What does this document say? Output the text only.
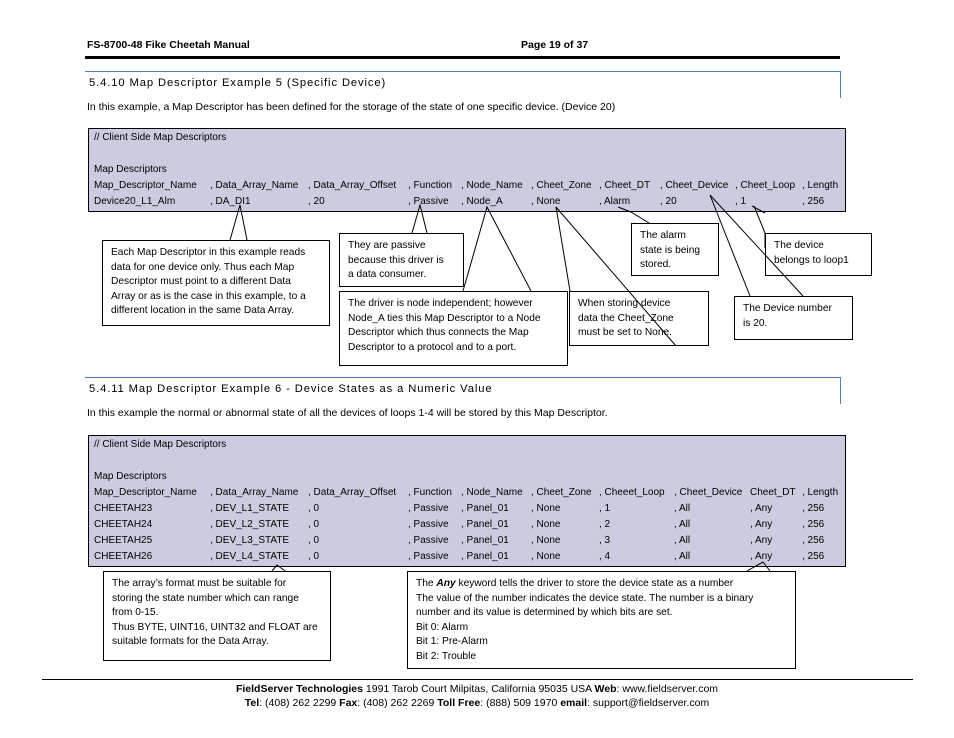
FS-8700-48 Fike Cheetah Manual	Page 19 of 37
5.4.10 Map Descriptor Example 5 (Specific Device)
In this example, a Map Descriptor has been defined for the storage of the state of one specific device. (Device 20)
// Client Side Map Descriptors
Map Descriptors
Map_Descriptor_Name , Data_Array_Name , Data_Array_Offset , Function , Node_Name , Cheet_Zone , Cheet_DT , Cheet_Device , Cheet_Loop , Length
Device20_L1_Alm	, DA_DI1	, 20	, Passive , Node_A	, None	, Alarm	, 20	, 1	, 256
Each Map Descriptor in this example reads
data for one device only. Thus each Map
Descriptor must point to a different Data
Array or as is the case in this example, to a
different location in the same Data Array.
They are passive
because this driver is
a data consumer.
The driver is node independent; however
Node_A ties this Map Descriptor to a Node
Descriptor which thus connects the Map
Descriptor to a protocol and to a port.
When storing device
data the Cheet_Zone
must be set to None.
The alarm
state is being
stored.
The Device number
is 20.
The device
belongs to loop1
5.4.11 Map Descriptor Example 6 - Device States as a Numeric Value
In this example the normal or abnormal state of all the devices of loops 1-4 will be stored by this Map Descriptor.
// Client Side Map Descriptors
Map Descriptors
Map_Descriptor_Name , Data_Array_Name , Data_Array_Offset , Function , Node_Name , Cheet_Zone , Cheeet_Loop , Cheet_Device Cheet_DT , Length
CHEETAH23	, DEV_L1_STATE , 0	, Passive , Panel_01 , None	, 1	, All	, Any	, 256
CHEETAH24	, DEV_L2_STATE , 0	, Passive , Panel_01 , None	, 2	, All	, Any	, 256
CHEETAH25	, DEV_L3_STATE , 0	, Passive , Panel_01 , None	, 3	, All	, Any	, 256
CHEETAH26	, DEV_L4_STATE , 0	, Passive , Panel_01 , None	, 4	, All	, Any	, 256
The array’s format must be suitable for
storing the state number which can range
from 0-15.
Thus BYTE, UINT16, UINT32 and FLOAT are
suitable formats for the Data Array.
The Any keyword tells the driver to store the device state as a number
The value of the number indicates the device state. The number is a binary
number and its value is determined by which bits are set.
Bit 0: Alarm
Bit 1: Pre-Alarm
Bit 2: Trouble
FieldServer Technologies 1991 Tarob Court Milpitas, California 95035 USA Web: www.fieldserver.com
Tel: (408) 262 2299 Fax: (408) 262 2269 Toll Free: (888) 509 1970 email: support@fieldserver.com
